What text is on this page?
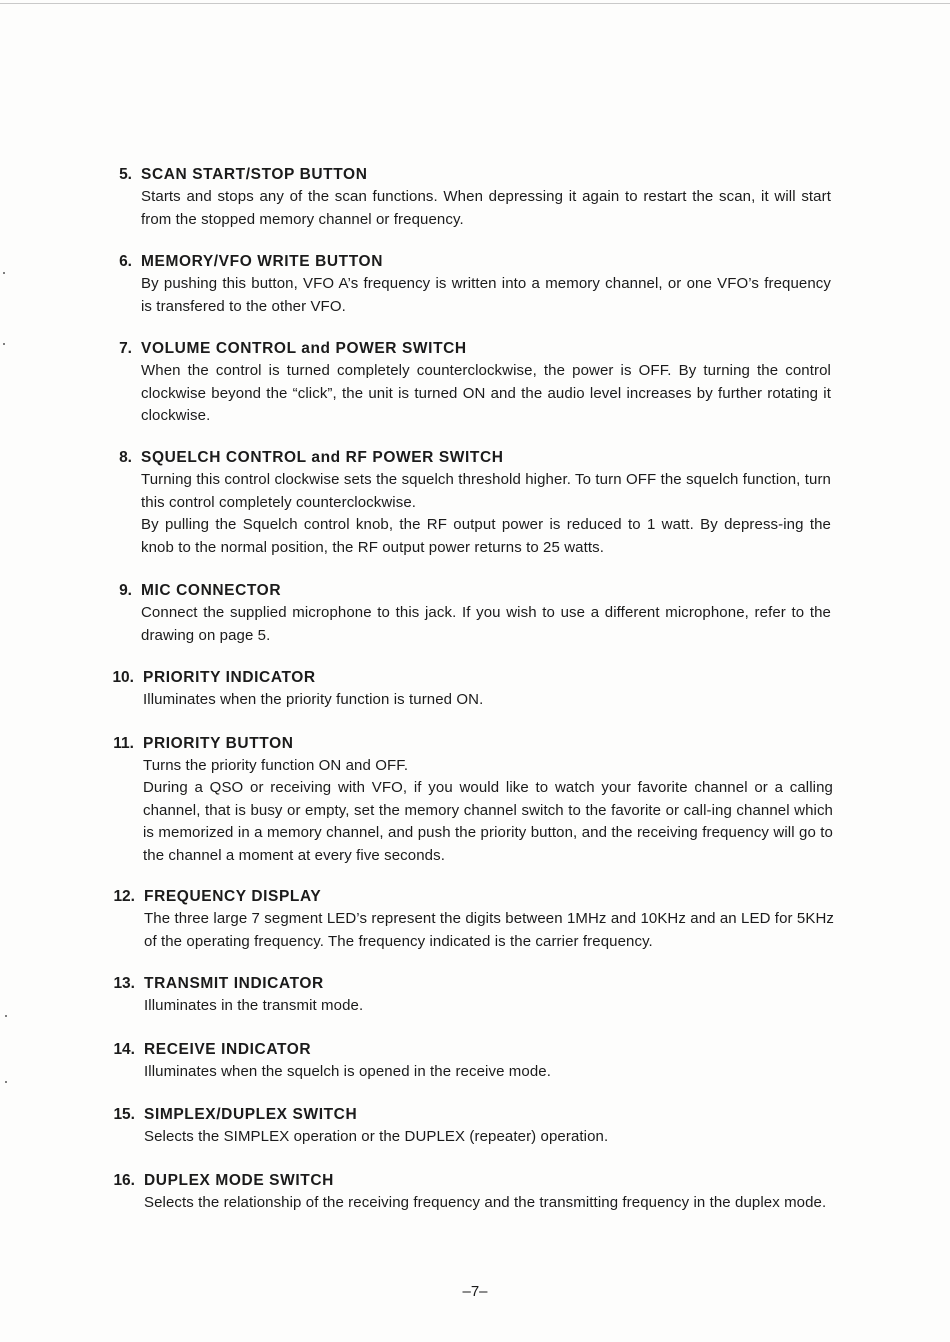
5. SCAN START/STOP BUTTON
Starts and stops any of the scan functions. When depressing it again to restart the scan, it will start from the stopped memory channel or frequency.
6. MEMORY/VFO WRITE BUTTON
By pushing this button, VFO A’s frequency is written into a memory channel, or one VFO’s frequency is transfered to the other VFO.
7. VOLUME CONTROL and POWER SWITCH
When the control is turned completely counterclockwise, the power is OFF. By turning the control clockwise beyond the “click”, the unit is turned ON and the audio level increases by further rotating it clockwise.
8. SQUELCH CONTROL and RF POWER SWITCH
Turning this control clockwise sets the squelch threshold higher. To turn OFF the squelch function, turn this control completely counterclockwise.
By pulling the Squelch control knob, the RF output power is reduced to 1 watt. By depress-ing the knob to the normal position, the RF output power returns to 25 watts.
9. MIC CONNECTOR
Connect the supplied microphone to this jack. If you wish to use a different microphone, refer to the drawing on page 5.
10. PRIORITY INDICATOR
Illuminates when the priority function is turned ON.
11. PRIORITY BUTTON
Turns the priority function ON and OFF.
During a QSO or receiving with VFO, if you would like to watch your favorite channel or a calling channel, that is busy or empty, set the memory channel switch to the favorite or call-ing channel which is memorized in a memory channel, and push the priority button, and the receiving frequency will go to the channel a moment at every five seconds.
12. FREQUENCY DISPLAY
The three large 7 segment LED’s represent the digits between 1MHz and 10KHz and an LED for 5KHz of the operating frequency. The frequency indicated is the carrier frequency.
13. TRANSMIT INDICATOR
Illuminates in the transmit mode.
14. RECEIVE INDICATOR
Illuminates when the squelch is opened in the receive mode.
15. SIMPLEX/DUPLEX SWITCH
Selects the SIMPLEX operation or the DUPLEX (repeater) operation.
16. DUPLEX MODE SWITCH
Selects the relationship of the receiving frequency and the transmitting frequency in the duplex mode.
–7–
